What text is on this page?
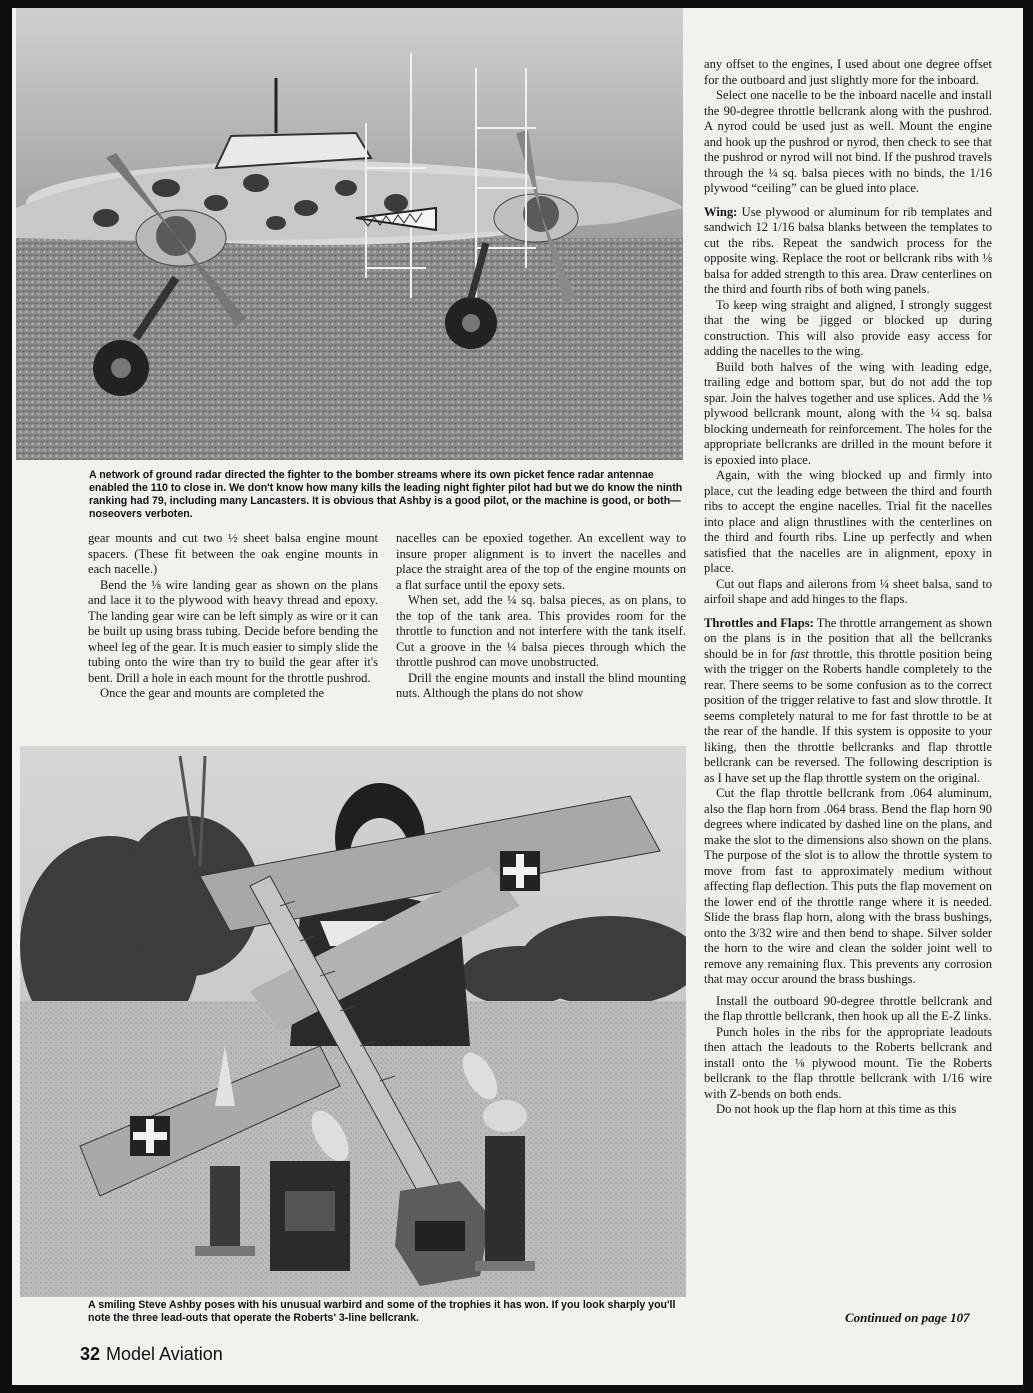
A network of ground radar directed the fighter to the bomber streams where its own picket fence radar antennae enabled the 110 to close in. We don't know how many kills the leading night fighter pilot had but we do know the ninth ranking had 79, including many Lancasters. It is obvious that Ashby is a good pilot, or the machine is good, or both—noseovers verboten.

gear mounts and cut two ½ sheet balsa engine mount spacers. (These fit between the oak engine mounts in each nacelle.)

Bend the ⅛ wire landing gear as shown on the plans and lace it to the plywood with heavy thread and epoxy. The landing gear wire can be left simply as wire or it can be built up using brass tubing. Decide before bending the wheel leg of the gear. It is much easier to simply slide the tubing onto the wire than try to build the gear after it's bent. Drill a hole in each mount for the throttle pushrod.

Once the gear and mounts are completed the

nacelles can be epoxied together. An excellent way to insure proper alignment is to invert the nacelles and place the straight area of the top of the engine mounts on a flat surface until the epoxy sets.

When set, add the ¼ sq. balsa pieces, as on plans, to the top of the tank area. This provides room for the throttle to function and not interfere with the tank itself. Cut a groove in the ¼ balsa pieces through which the throttle pushrod can move unobstructed.

Drill the engine mounts and install the blind mounting nuts. Although the plans do not show

A smiling Steve Ashby poses with his unusual warbird and some of the trophies it has won. If you look sharply you'll note the three lead-outs that operate the Roberts' 3-line bellcrank.

any offset to the engines, I used about one degree offset for the outboard and just slightly more for the inboard.

Select one nacelle to be the inboard nacelle and install the 90-degree throttle bellcrank along with the pushrod. A nyrod could be used just as well. Mount the engine and hook up the pushrod or nyrod, then check to see that the pushrod or nyrod will not bind. If the pushrod travels through the ¼ sq. balsa pieces with no binds, the 1/16 plywood “ceiling” can be glued into place.

Wing: Use plywood or aluminum for rib templates and sandwich 12 1/16 balsa blanks between the templates to cut the ribs. Repeat the sandwich process for the opposite wing. Replace the root or bellcrank ribs with ⅛ balsa for added strength to this area. Draw centerlines on the third and fourth ribs of both wing panels.

To keep wing straight and aligned, I strongly suggest that the wing be jigged or blocked up during construction. This will also provide easy access for adding the nacelles to the wing.

Build both halves of the wing with leading edge, trailing edge and bottom spar, but do not add the top spar. Join the halves together and use splices. Add the ⅛ plywood bellcrank mount, along with the ¼ sq. balsa blocking underneath for reinforcement. The holes for the appropriate bellcranks are drilled in the mount before it is epoxied into place.

Again, with the wing blocked up and firmly into place, cut the leading edge between the third and fourth ribs to accept the engine nacelles. Trial fit the nacelles into place and align thrustlines with the centerlines on the third and fourth ribs. Line up perfectly and when satisfied that the nacelles are in alignment, epoxy in place.

Cut out flaps and ailerons from ¼ sheet balsa, sand to airfoil shape and add hinges to the flaps.

Throttles and Flaps: The throttle arrangement as shown on the plans is in the position that all the bellcranks should be in for fast throttle, this throttle position being with the trigger on the Roberts handle completely to the rear. There seems to be some confusion as to the correct position of the trigger relative to fast and slow throttle. It seems completely natural to me for fast throttle to be at the rear of the handle. If this system is opposite to your liking, then the throttle bellcranks and flap throttle bellcrank can be reversed. The following description is as I have set up the flap throttle system on the original.

Cut the flap throttle bellcrank from .064 aluminum, also the flap horn from .064 brass. Bend the flap horn 90 degrees where indicated by dashed line on the plans, and make the slot to the dimensions also shown on the plans. The purpose of the slot is to allow the throttle system to move from fast to approximately medium without affecting flap deflection. This puts the flap movement on the lower end of the throttle range where it is needed. Slide the brass flap horn, along with the brass bushings, onto the 3/32 wire and then bend to shape. Silver solder the horn to the wire and clean the solder joint well to remove any remaining flux. This prevents any corrosion that may occur around the brass bushings.

Install the outboard 90-degree throttle bellcrank and the flap throttle bellcrank, then hook up all the E-Z links.

Punch holes in the ribs for the appropriate leadouts then attach the leadouts to the Roberts bellcrank and install onto the ⅛ plywood mount. Tie the Roberts bellcrank to the flap throttle bellcrank with 1/16 wire with Z-bends on both ends.

Do not hook up the flap horn at this time as this

Continued on page 107
32 Model Aviation
